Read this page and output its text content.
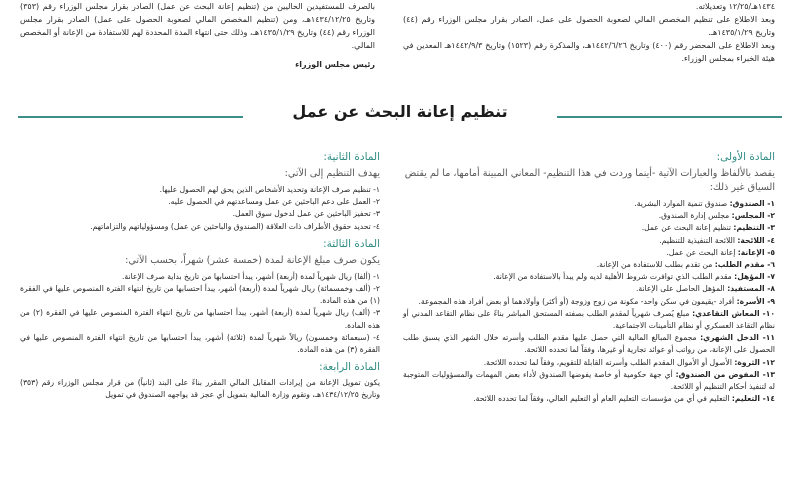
١٤٣٤هـ/١٢/٢٥ وتعديلاته.

وبعد الاطلاع على تنظيم المخصص المالي لصعوبة الحصول على عمل، الصادر بقرار مجلس الوزراء رقم (٤٤) وتاريخ ١٤٣٥/١/٢٩هـ.

وبعد الاطلاع على المحضر رقم (٤٠٠) وتاريخ ١٤٤٢/٦/٢٦هـ، والمذكرة رقم (١٥٢٣) وتاريخ ١٤٤٢/٩/٣هـ المعدين في هيئة الخبراء بمجلس الوزراء.

بالصرف للمستفيدين الحاليين من (تنظيم إعانة البحث عن عمل) الصادر بقرار مجلس الوزراء رقم (٣٥٣) وتاريخ ١٤٣٤/١٢/٢٥هـ، ومن (تنظيم المخصص المالي لصعوبة الحصول على عمل) الصادر بقرار مجلس الوزراء رقم (٤٤) وتاريخ ١٤٣٥/١/٢٩هـ، وذلك حتى انتهاء المدة المحددة لهم للاستفادة من الإعانة أو المخصص المالي.

رئيس مجلس الوزراء

تنظيم إعانة البحث عن عمل
المادة الأولى:
يقصد بالألفاظ والعبارات الآتية -أينما وردت في هذا التنظيم- المعاني المبينة أمامها، ما لم يقتض السياق غير ذلك:

١- الصندوق: صندوق تنمية الموارد البشرية.

٢- المجلس: مجلس إدارة الصندوق.

٣- التنظيم: تنظيم إعانة البحث عن عمل.

٤- اللائحة: اللائحة التنفيذية للتنظيم.

٥- الإعانة: إعانة البحث عن عمل.

٦- مقدم الطلب: من تقدم بطلب للاستفادة من الإعانة.

٧- المؤهل: مقدم الطلب الذي توافرت شروط الأهلية لديه ولم يبدأ بالاستفادة من الإعانة.

٨- المستفيد: المؤهل الحاصل على الإعانة.

٩- الأسرة: أفراد -يقيمون في سكن واحد- مكونة من زوج وزوجة (أو أكثر) وأولادهما أو بعض أفراد هذه المجموعة.

١٠- المعاش التقاعدي: مبلغ يُصرف شهرياً لمقدم الطلب بصفته المستحق المباشر بناءً على نظام التقاعد المدني أو نظام التقاعد العسكري أو نظام التأمينات الاجتماعية.

١١- الدخل الشهري: مجموع المبالغ المالية التي حصل عليها مقدم الطلب وأسرته خلال الشهر الذي يسبق طلب الحصول على الإعانة، من رواتب أو عوائد تجارية أو غيرها، وفقاً لما تحدده اللائحة.

١٢- الثروة: الأصول أو الأموال المقدم الطلب وأسرته القابلة للتقويم، وفقاً لما تحدده اللائحة.

١٣- المفوض من الصندوق: أي جهة حكومية أو خاصة يفوضها الصندوق لأداء بعض المهمات والمسؤوليات المتوجبة له لتنفيذ أحكام التنظيم أو اللائحة.

١٤- التعليم: التعليم في أي من مؤسسات التعليم العام أو التعليم العالي، وفقاً لما تحدده اللائحة.

المادة الثانية:
يهدف التنظيم إلى الآتي:

١- تنظيم صرف الإعانة وتحديد الأشخاص الذين يحق لهم الحصول عليها.

٢- العمل على دعم الباحثين عن عمل ومساعدتهم في الحصول عليه.

٣- تحفيز الباحثين عن عمل لدخول سوق العمل.

٤- تحديد حقوق الأطراف ذات العلاقة (الصندوق والباحثين عن عمل) ومسؤولياتهم والتزاماتهم.

المادة الثالثة:
يكون صرف مبلغ الإعانة لمدة (خمسة عشر) شهراً، بحسب الآتي:

١- (ألفا) ريال شهرياً لمدة (أربعة) أشهر، يبدأ احتسابها من تاريخ بداية صرف الإعانة.

٢- (ألف وخمسمائة) ريال شهرياً لمدة (أربعة) أشهر، يبدأ احتسابها من تاريخ انتهاء الفترة المنصوص عليها في الفقرة (١) من هذه المادة.

٣- (ألف) ريال شهرياً لمدة (أربعة) أشهر، يبدأ احتسابها من تاريخ انتهاء الفترة المنصوص عليها في الفقرة (٢) من هذه المادة.

٤- (سبعمائة وخمسون) ريالاً شهرياً لمدة (ثلاثة) أشهر، يبدأ احتسابها من تاريخ انتهاء الفترة المنصوص عليها في الفقرة (٣) من هذه المادة.

المادة الرابعة:

يكون تمويل الإعانة من إيرادات المقابل المالي المقرر بناءً على البند (ثانياً) من قرار مجلس الوزراء رقم (٣٥٣) وتاريخ ١٤٣٤/١٢/٢٥هـ، وتقوم وزارة المالية بتمويل أي عجز قد يواجهه الصندوق في تمويل
